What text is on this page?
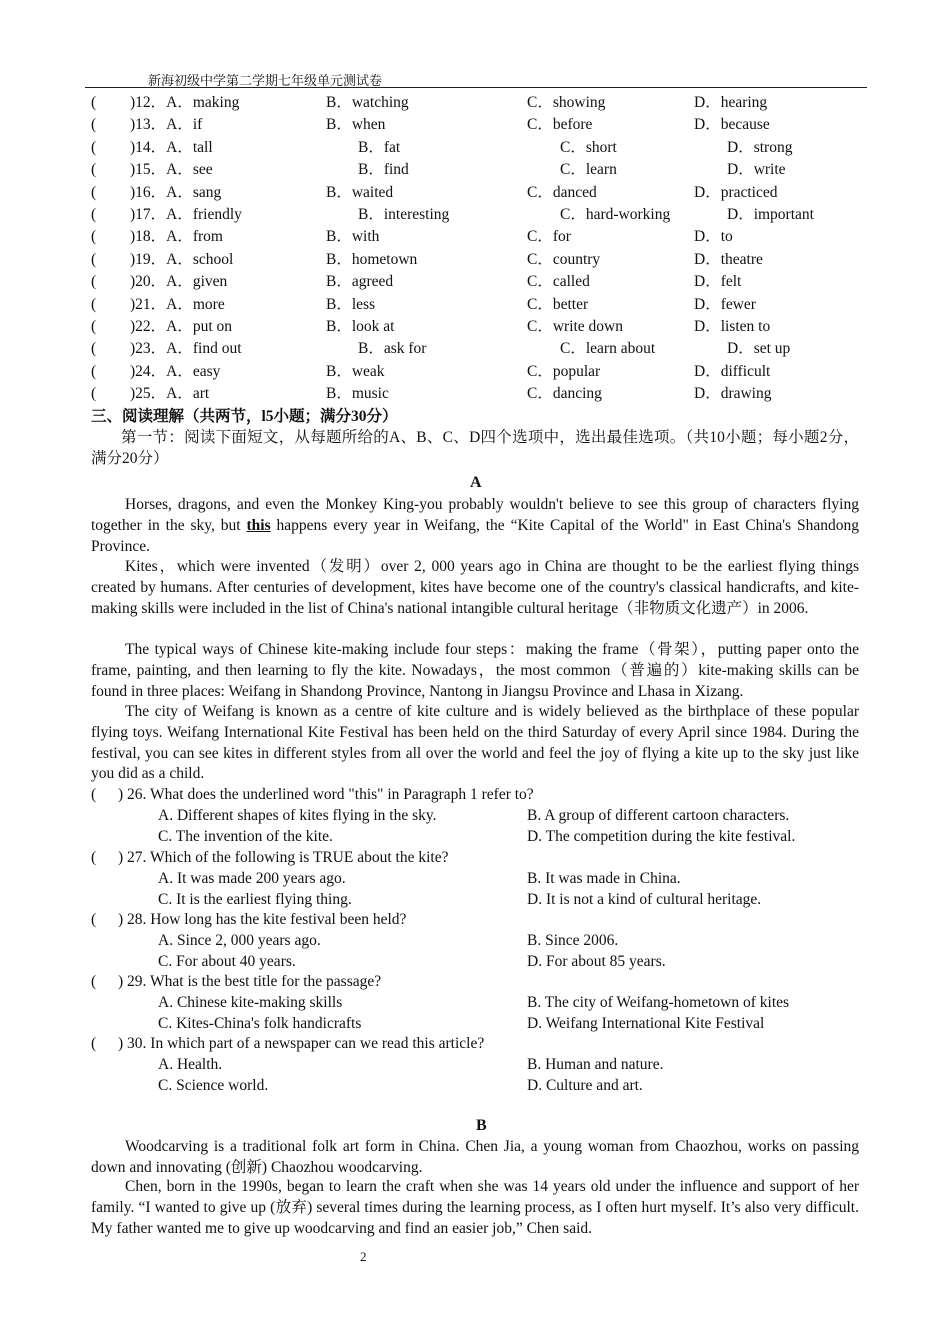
新海初级中学第二学期七年级单元测试卷
( )12．A．making	B．watching	C．showing	D．hearing
( )13．A．if	B．when	C．before	D．because
( )14．A．tall	B．fat	C．short	D．strong
( )15．A．see	B．find	C．learn	D．write
( )16．A．sang	B．waited	C．danced	D．practiced
( )17．A．friendly	B．interesting	C．hard-working	D．important
( )18．A．from	B．with	C．for	D．to
( )19．A．school	B．hometown	C．country	D．theatre
( )20．A．given	B．agreed	C．called	D．felt
( )21．A．more	B．less	C．better	D．fewer
( )22．A．put on	B．look at	C．write down	D．listen to
( )23．A．find out	B．ask for	C．learn about	D．set up
( )24．A．easy	B．weak	C．popular	D．difficult
( )25．A．art	B．music	C．dancing	D．drawing
三、阅读理解（共两节，l5小题；满分30分）
第一节：阅读下面短文，从每题所给的A、B、C、D四个选项中，选出最佳选项。（共10小题；每小题2分，满分20分）
A
Horses, dragons, and even the Monkey King-you probably wouldn't believe to see this group of characters flying together in the sky, but this happens every year in Weifang, the “Kite Capital of the World" in East China's Shandong Province.
Kites，which were invented（发明）over 2, 000 years ago in China are thought to be the earliest flying things created by humans. After centuries of development, kites have become one of the country's classical handicrafts, and kite-making skills were included in the list of China's national intangible cultural heritage（非物质文化遗产）in 2006.
The typical ways of Chinese kite-making include four steps：making the frame（骨架），putting paper onto the frame, painting, and then learning to fly the kite. Nowadays，the most common（普遍的）kite-making skills can be found in three places: Weifang in Shandong Province, Nantong in Jiangsu Province and Lhasa in Xizang.
The city of Weifang is known as a centre of kite culture and is widely believed as the birthplace of these popular flying toys. Weifang International Kite Festival has been held on the third Saturday of every April since 1984. During the festival, you can see kites in different styles from all over the world and feel the joy of flying a kite up to the sky just like you did as a child.
( ) 26. What does the underlined word "this" in Paragraph 1 refer to?
A. Different shapes of kites flying in the sky.	B. A group of different cartoon characters.
C. The invention of the kite.	D. The competition during the kite festival.
( ) 27. Which of the following is TRUE about the kite?
A. It was made 200 years ago.	B. It was made in China.
C. It is the earliest flying thing.	D. It is not a kind of cultural heritage.
( ) 28. How long has the kite festival been held?
A. Since 2, 000 years ago.	B. Since 2006.
C. For about 40 years.	D. For about 85 years.
( ) 29. What is the best title for the passage?
A. Chinese kite-making skills	B. The city of Weifang-hometown of kites
C. Kites-China's folk handicrafts	D. Weifang International Kite Festival
( ) 30. In which part of a newspaper can we read this article?
A. Health.	B. Human and nature.
C. Science world.	D. Culture and art.
B
Woodcarving is a traditional folk art form in China. Chen Jia, a young woman from Chaozhou, works on passing down and innovating (创新) Chaozhou woodcarving.
Chen, born in the 1990s, began to learn the craft when she was 14 years old under the influence and support of her family. “I wanted to give up (放弃) several times during the learning process, as I often hurt myself. It’s also very difficult. My father wanted me to give up woodcarving and find an easier job,” Chen said.
2
